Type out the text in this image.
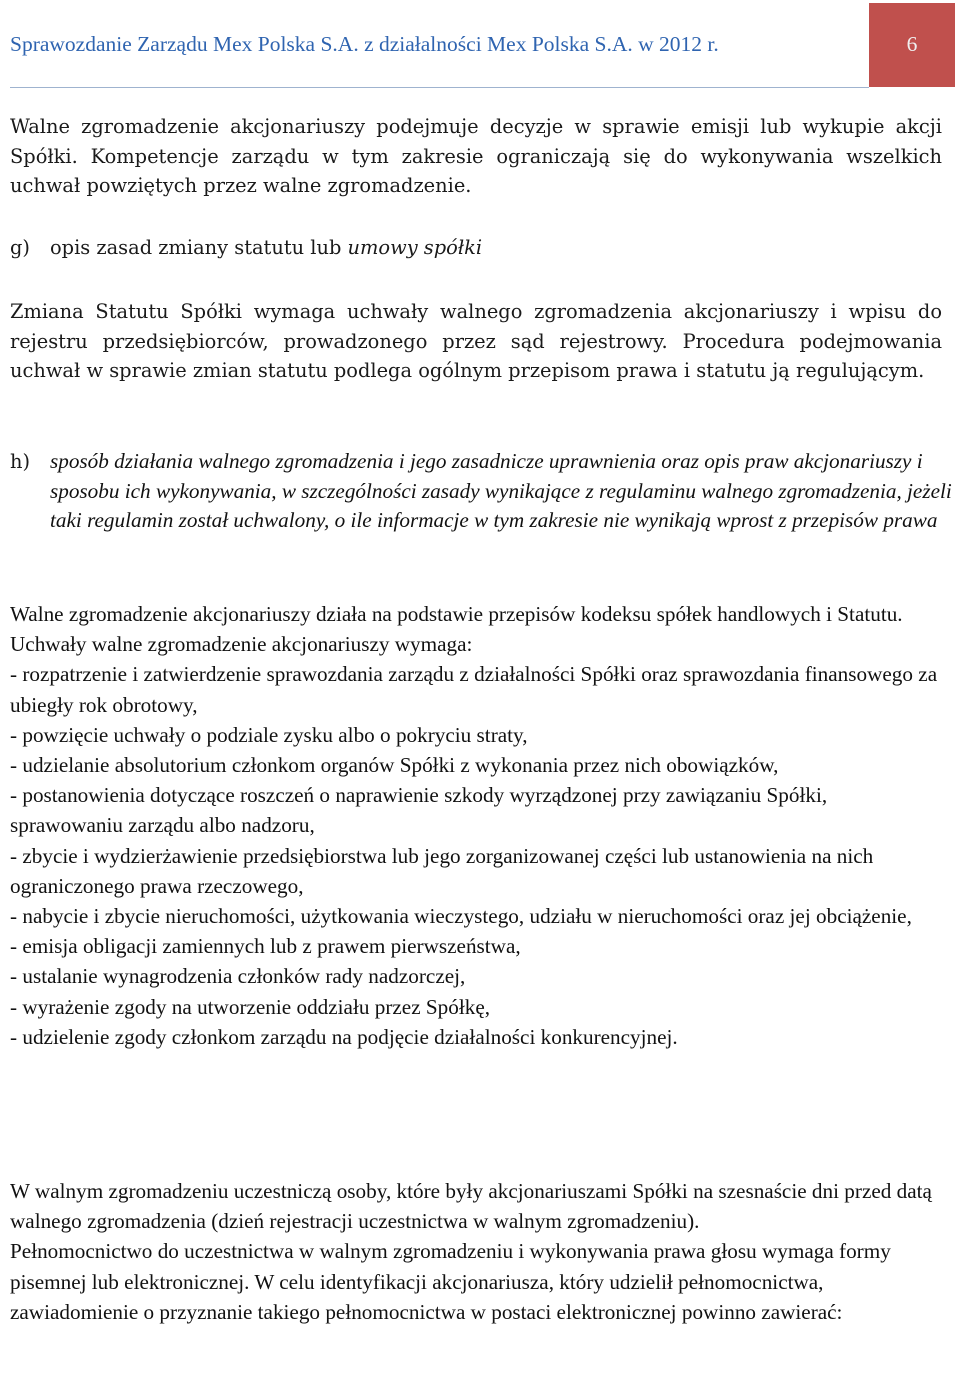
Sprawozdanie Zarządu Mex Polska S.A. z działalności Mex Polska S.A. w 2012 r.	6

Walne zgromadzenie akcjonariuszy podejmuje decyzje w sprawie emisji lub wykupie akcji Spółki. Kompetencje zarządu w tym zakresie ograniczają się do wykonywania wszelkich uchwał powziętych przez walne zgromadzenie.

g) opis zasad zmiany statutu lub umowy spółki

Zmiana Statutu Spółki wymaga uchwały walnego zgromadzenia akcjonariuszy i wpisu do rejestru przedsiębiorców, prowadzonego przez sąd rejestrowy. Procedura podejmowania uchwał w sprawie zmian statutu podlega ogólnym przepisom prawa i statutu ją regulującym.

h) sposób działania walnego zgromadzenia i jego zasadnicze uprawnienia oraz opis praw akcjonariuszy i sposobu ich wykonywania, w szczególności zasady wynikające z regulaminu walnego zgromadzenia, jeżeli taki regulamin został uchwalony, o ile informacje w tym zakresie nie wynikają wprost z przepisów prawa

Walne zgromadzenie akcjonariuszy działa na podstawie przepisów kodeksu spółek handlowych i Statutu.
Uchwały walne zgromadzenie akcjonariuszy wymaga:
- rozpatrzenie i zatwierdzenie sprawozdania zarządu z działalności Spółki oraz sprawozdania finansowego za ubiegły rok obrotowy,
- powzięcie uchwały o podziale zysku albo o pokryciu straty,
- udzielanie absolutorium członkom organów Spółki z wykonania przez nich obowiązków,
- postanowienia dotyczące roszczeń o naprawienie szkody wyrządzonej przy zawiązaniu Spółki, sprawowaniu zarządu albo nadzoru,
- zbycie i wydzierżawienie przedsiębiorstwa lub jego zorganizowanej części lub ustanowienia na nich ograniczonego prawa rzeczowego,
- nabycie i zbycie nieruchomości, użytkowania wieczystego, udziału w nieruchomości oraz jej obciążenie,
- emisja obligacji zamiennych lub z prawem pierwszeństwa,
- ustalanie wynagrodzenia członków rady nadzorczej,
- wyrażenie zgody na utworzenie oddziału przez Spółkę,
- udzielenie zgody członkom zarządu na podjęcie działalności konkurencyjnej.
W walnym zgromadzeniu uczestniczą osoby, które były akcjonariuszami Spółki na szesnaście dni przed datą walnego zgromadzenia (dzień rejestracji uczestnictwa w walnym zgromadzeniu).
Pełnomocnictwo do uczestnictwa w walnym zgromadzeniu i wykonywania prawa głosu wymaga formy pisemnej lub elektronicznej. W celu identyfikacji akcjonariusza, który udzielił pełnomocnictwa, zawiadomienie o przyznanie takiego pełnomocnictwa w postaci elektronicznej powinno zawierać:
